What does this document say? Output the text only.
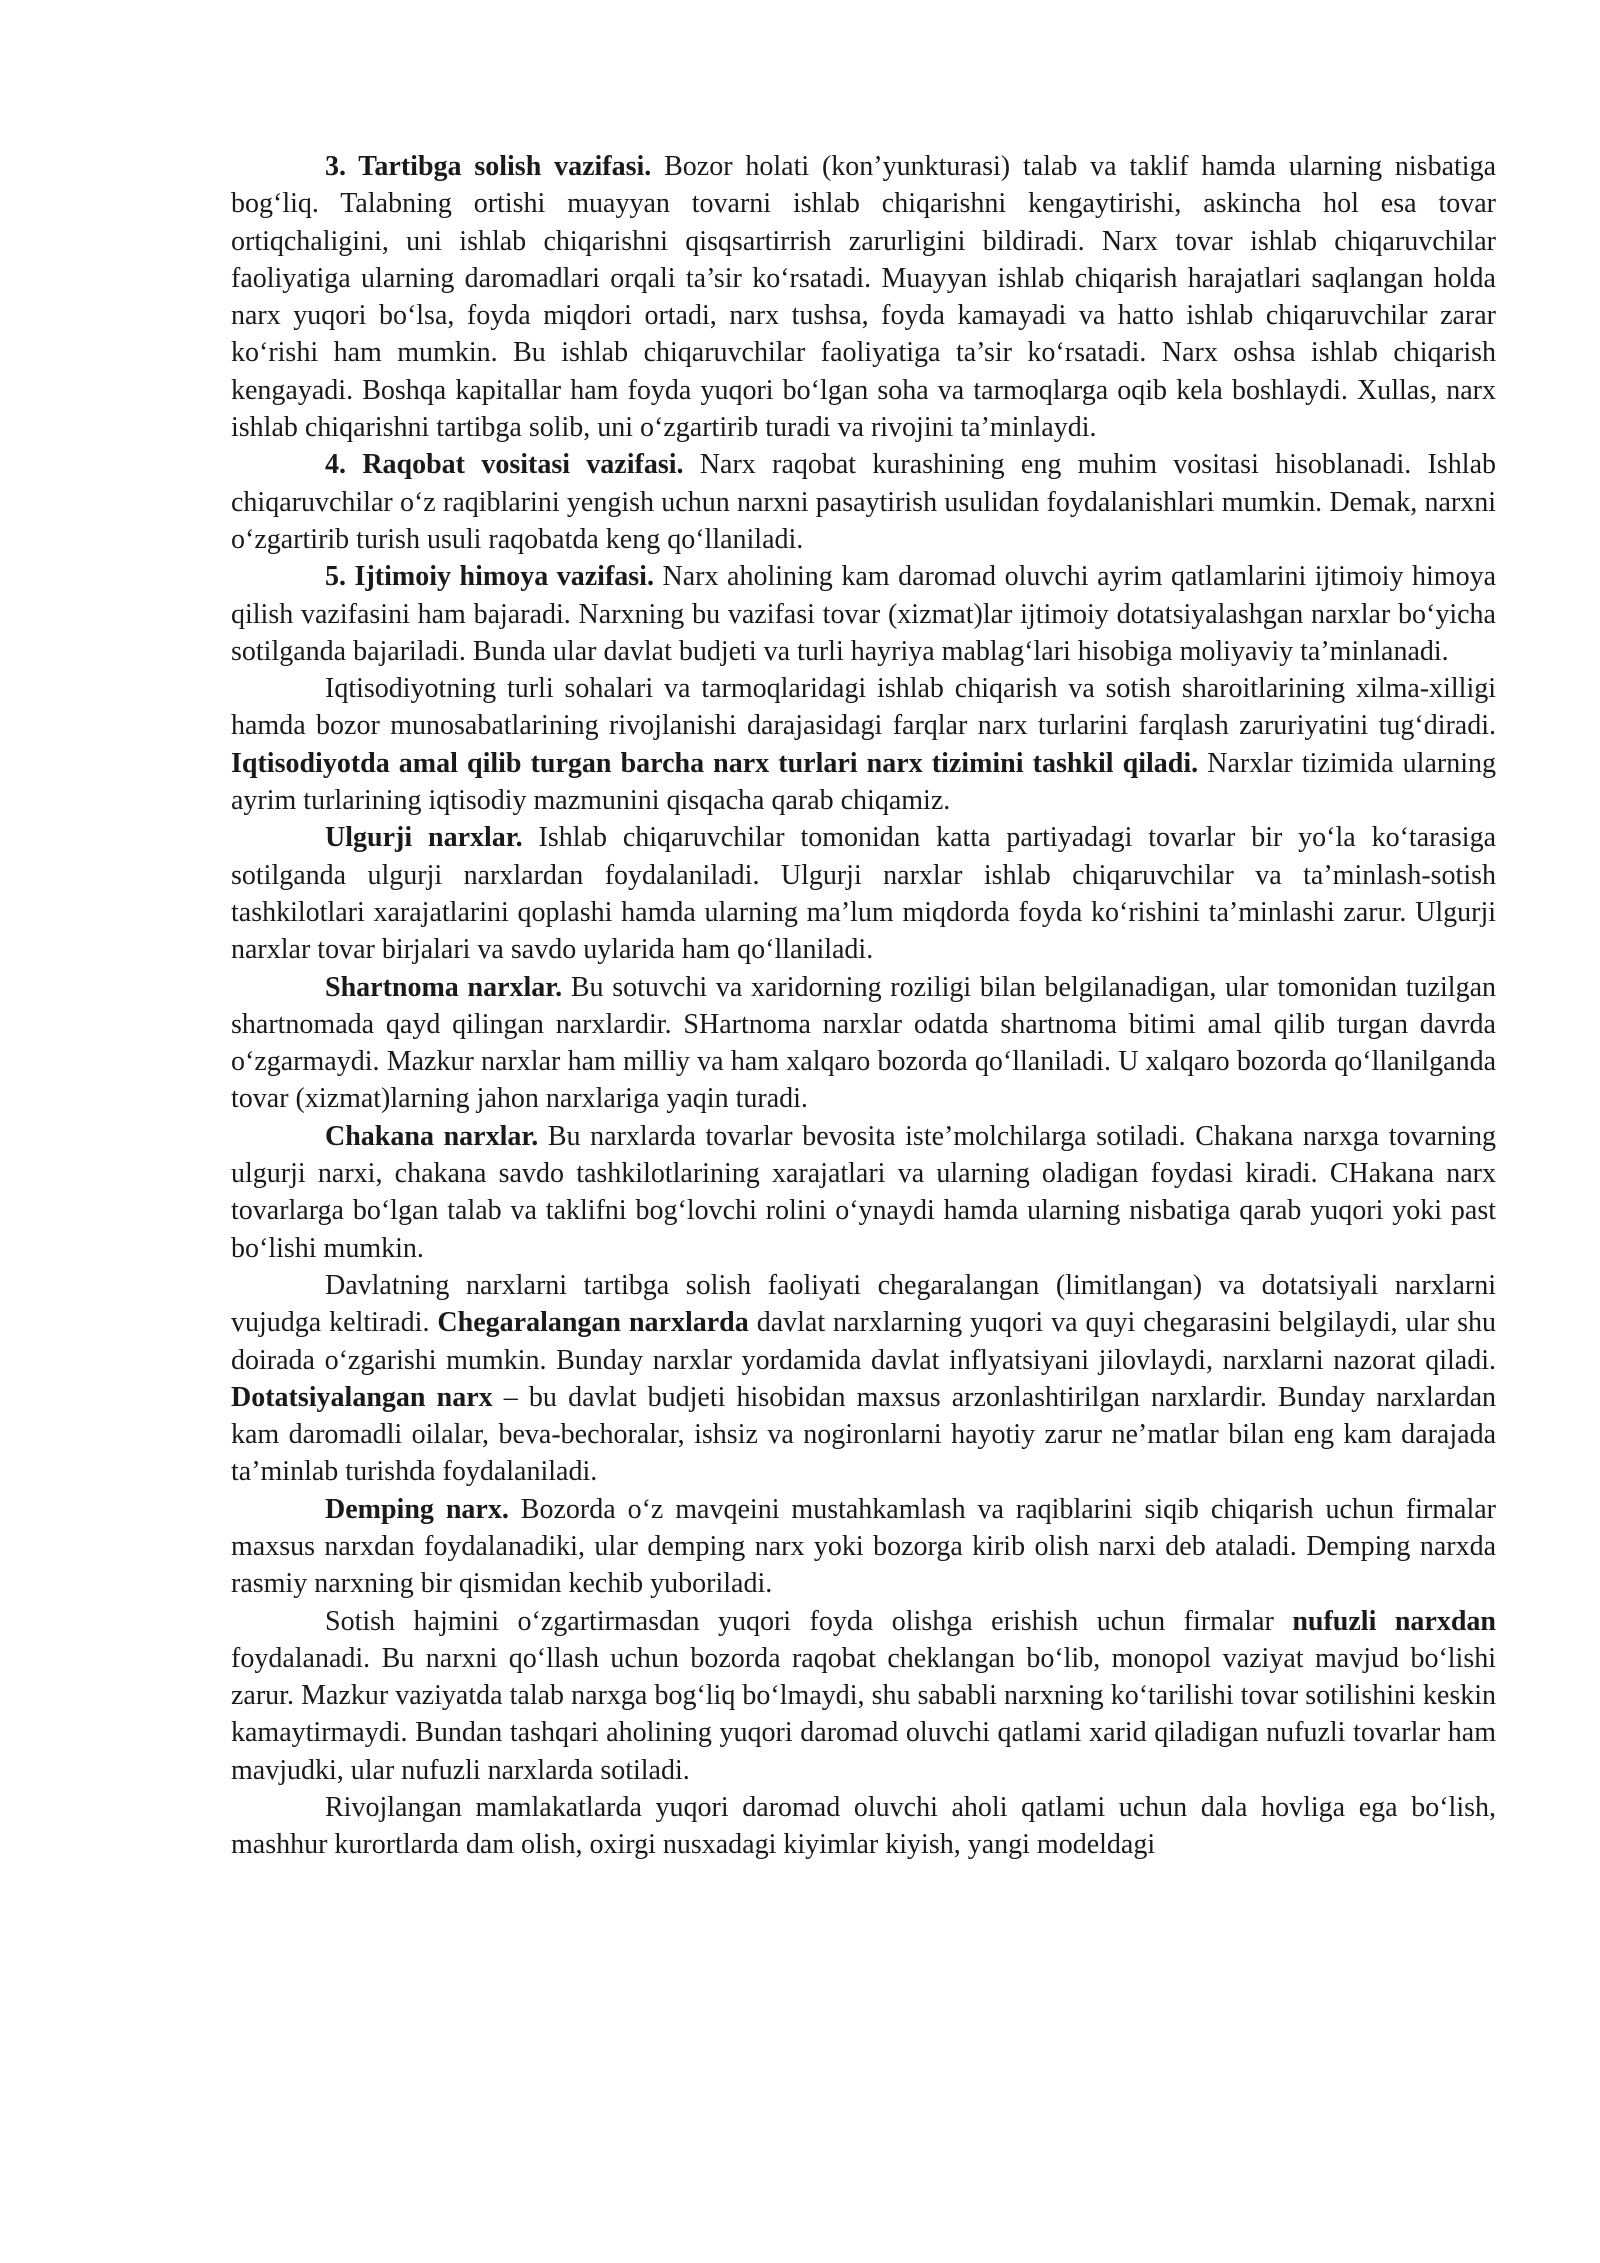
3. Tartibga solish vazifasi. Bozor holati (kon’yunkturasi) talab va taklif hamda ularning nisbatiga bog‘liq. Talabning ortishi muayyan tovarni ishlab chiqarishni kengaytirishi, askincha hol esa tovar ortiqchaligini, uni ishlab chiqarishni qisqsartirrish zarurligini bildiradi. Narx tovar ishlab chiqaruvchilar faoliyatiga ularning daromadlari orqali ta’sir ko‘rsatadi. Muayyan ishlab chiqarish harajatlari saqlangan holda narx yuqori bo‘lsa, foyda miqdori ortadi, narx tushsa, foyda kamayadi va hatto ishlab chiqaruvchilar zarar ko‘rishi ham mumkin. Bu ishlab chiqaruvchilar faoliyatiga ta’sir ko‘rsatadi. Narx oshsa ishlab chiqarish kengayadi. Boshqa kapitallar ham foyda yuqori bo‘lgan soha va tarmoqlarga oqib kela boshlaydi. Xullas, narx ishlab chiqarishni tartibga solib, uni o‘zgartirib turadi va rivojini ta’minlaydi.

4. Raqobat vositasi vazifasi. Narx raqobat kurashining eng muhim vositasi hisoblanadi. Ishlab chiqaruvchilar o‘z raqiblarini yengish uchun narxni pasaytirish usulidan foydalanishlari mumkin. Demak, narxni o‘zgartirib turish usuli raqobatda keng qo‘llaniladi.

5. Ijtimoiy himoya vazifasi. Narx aholining kam daromad oluvchi ayrim qatlamlarini ijtimoiy himoya qilish vazifasini ham bajaradi. Narxning bu vazifasi tovar (xizmat)lar ijtimoiy dotatsiyalashgan narxlar bo‘yicha sotilganda bajariladi. Bunda ular davlat budjeti va turli hayriya mablag‘lari hisobiga moliyaviy ta’minlanadi.

Iqtisodiyotning turli sohalari va tarmoqlaridagi ishlab chiqarish va sotish sharoitlarining xilma-xilligi hamda bozor munosabatlarining rivojlanishi darajasidagi farqlar narx turlarini farqlash zaruriyatini tug‘diradi. Iqtisodiyotda amal qilib turgan barcha narx turlari narx tizimini tashkil qiladi. Narxlar tizimida ularning ayrim turlarining iqtisodiy mazmunini qisqacha qarab chiqamiz.

Ulgurji narxlar. Ishlab chiqaruvchilar tomonidan katta partiyadagi tovarlar bir yo‘la ko‘tarasiga sotilganda ulgurji narxlardan foydalaniladi. Ulgurji narxlar ishlab chiqaruvchilar va ta’minlash-sotish tashkilotlari xarajatlarini qoplashi hamda ularning ma’lum miqdorda foyda ko‘rishini ta’minlashi zarur. Ulgurji narxlar tovar birjalari va savdo uylarida ham qo‘llaniladi.

Shartnoma narxlar. Bu sotuvchi va xaridorning roziligi bilan belgilanadigan, ular tomonidan tuzilgan shartnomada qayd qilingan narxlardir. SHartnoma narxlar odatda shartnoma bitimi amal qilib turgan davrda o‘zgarmaydi. Mazkur narxlar ham milliy va ham xalqaro bozorda qo‘llaniladi. U xalqaro bozorda qo‘llanilganda tovar (xizmat)larning jahon narxlariga yaqin turadi.

Chakana narxlar. Bu narxlarda tovarlar bevosita iste’molchilarga sotiladi. Chakana narxga tovarning ulgurji narxi, chakana savdo tashkilotlarining xarajatlari va ularning oladigan foydasi kiradi. CHakana narx tovarlarga bo‘lgan talab va taklifni bog‘lovchi rolini o‘ynaydi hamda ularning nisbatiga qarab yuqori yoki past bo‘lishi mumkin.

Davlatning narxlarni tartibga solish faoliyati chegaralangan (limitlangan) va dotatsiyali narxlarni vujudga keltiradi. Chegaralangan narxlarda davlat narxlarning yuqori va quyi chegarasini belgilaydi, ular shu doirada o‘zgarishi mumkin. Bunday narxlar yordamida davlat inflyatsiyani jilovlaydi, narxlarni nazorat qiladi. Dotatsiyalangan narx – bu davlat budjeti hisobidan maxsus arzonlashtirilgan narxlardir. Bunday narxlardan kam daromadli oilalar, beva-bechoralar, ishsiz va nogironlarni hayotiy zarur ne’matlar bilan eng kam darajada ta’minlab turishda foydalaniladi.

Demping narx. Bozorda o‘z mavqeini mustahkamlash va raqiblarini siqib chiqarish uchun firmalar maxsus narxdan foydalanadiki, ular demping narx yoki bozorga kirib olish narxi deb ataladi. Demping narxda rasmiy narxning bir qismidan kechib yuboriladi.

Sotish hajmini o‘zgartirmasdan yuqori foyda olishga erishish uchun firmalar nufuzli narxdan foydalanadi. Bu narxni qo‘llash uchun bozorda raqobat cheklangan bo‘lib, monopol vaziyat mavjud bo‘lishi zarur. Mazkur vaziyatda talab narxga bog‘liq bo‘lmaydi, shu sababli narxning ko‘tarilishi tovar sotilishini keskin kamaytirmaydi. Bundan tashqari aholining yuqori daromad oluvchi qatlami xarid qiladigan nufuzli tovarlar ham mavjudki, ular nufuzli narxlarda sotiladi.

Rivojlangan mamlakatlarda yuqori daromad oluvchi aholi qatlami uchun dala hovliga ega bo‘lish, mashhur kurortlarda dam olish, oxirgi nusxadagi kiyimlar kiyish, yangi modeldagi
